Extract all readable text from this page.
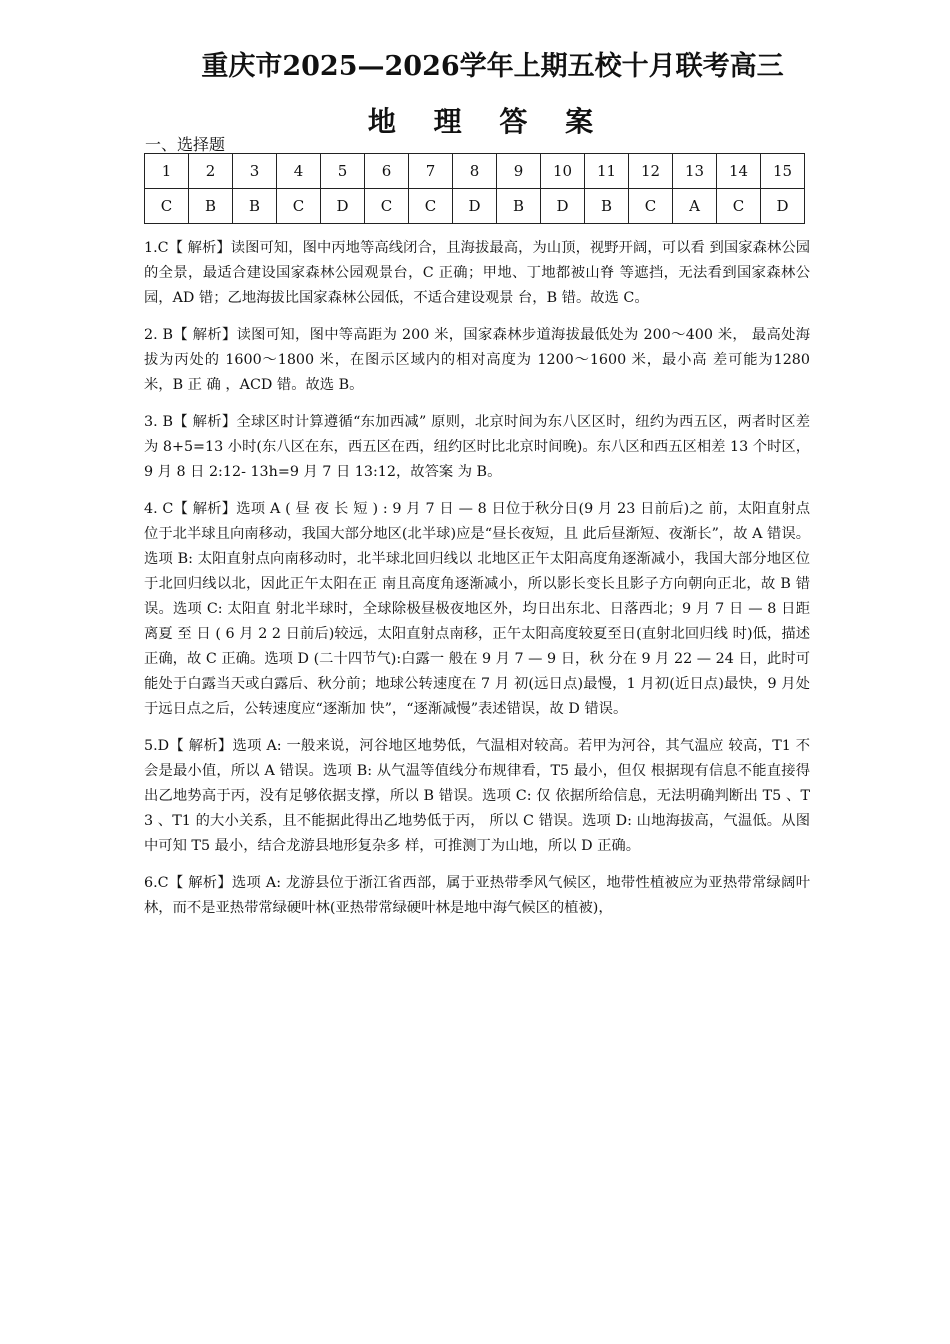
重庆市2025—2026学年上期五校十月联考高三
地 理 答 案
一、选择题
1	2	3	4	5	6	7	8	9	10	11	12	13	14	15
C	B	B	C	D	C	C	D	B	D	B	C	A	C	D

1.C【 解析】读图可知，图中丙地等高线闭合，且海拔最高，为山顶，视野开阔，可以看 到国家森林公园的全景，最适合建设国家森林公园观景台，C 正确；甲地、丁地都被山脊 等遮挡，无法看到国家森林公园，AD 错；乙地海拔比国家森林公园低，不适合建设观景 台，B 错。故选 C。

2. B【 解析】读图可知，图中等高距为 200 米，国家森林步道海拔最低处为 200～400 米， 最高处海拔为丙处的 1600～1800 米，在图示区域内的相对高度为 1200～1600 米，最小高 差可能为1280 米，B 正 确 ，ACD 错。故选 B。

3. B【 解析】全球区时计算遵循“东加西减” 原则，北京时间为东八区区时，纽约为西五区，两者时区差为 8+5=13 小时(东八区在东，西五区在西，纽约区时比北京时间晚)。东八区和西五区相差 13 个时区，9 月 8 日 2:12- 13h=9 月 7 日 13:12，故答案 为 B。

4. C【 解析】选项 A ( 昼 夜 长 短 ) : 9 月 7 日 — 8 日位于秋分日(9 月 23 日前后)之 前，太阳直射点位于北半球且向南移动，我国大部分地区(北半球)应是“昼长夜短，且 此后昼渐短、夜渐长”，故 A 错误。选项 B: 太阳直射点向南移动时，北半球北回归线以 北地区正午太阳高度角逐渐减小，我国大部分地区位于北回归线以北，因此正午太阳在正 南且高度角逐渐减小，所以影长变长且影子方向朝向正北，故 B 错误。选项 C: 太阳直 射北半球时，全球除极昼极夜地区外，均日出东北、日落西北；9 月 7 日 — 8 日距离夏 至 日 ( 6 月 2 2 日前后)较远，太阳直射点南移，正午太阳高度较夏至日(直射北回归线 时)低，描述正确，故 C 正确。选项 D (二十四节气):白露一 般在 9 月 7 — 9 日，秋 分在 9 月 22 — 24 日，此时可能处于白露当天或白露后、秋分前；地球公转速度在 7 月 初(远日点)最慢，1 月初(近日点)最快，9 月处于远日点之后，公转速度应“逐渐加 快”，“逐渐减慢”表述错误，故 D 错误。

5.D【 解析】选项 A: 一般来说，河谷地区地势低，气温相对较高。若甲为河谷，其气温应 较高，T1 不会是最小值，所以 A 错误。选项 B: 从气温等值线分布规律看，T5 最小，但仅 根据现有信息不能直接得出乙地势高于丙，没有足够依据支撑，所以 B 错误。选项 C: 仅 依据所给信息，无法明确判断出 T5 、T3 、T1 的大小关系，且不能据此得出乙地势低于丙， 所以 C 错误。选项 D: 山地海拔高，气温低。从图中可知 T5 最小，结合龙游县地形复杂多 样，可推测丁为山地，所以 D 正确。

6.C【 解析】选项 A: 龙游县位于浙江省西部，属于亚热带季风气候区，地带性植被应为亚热带常绿阔叶林，而不是亚热带常绿硬叶林(亚热带常绿硬叶林是地中海气候区的植被)，
